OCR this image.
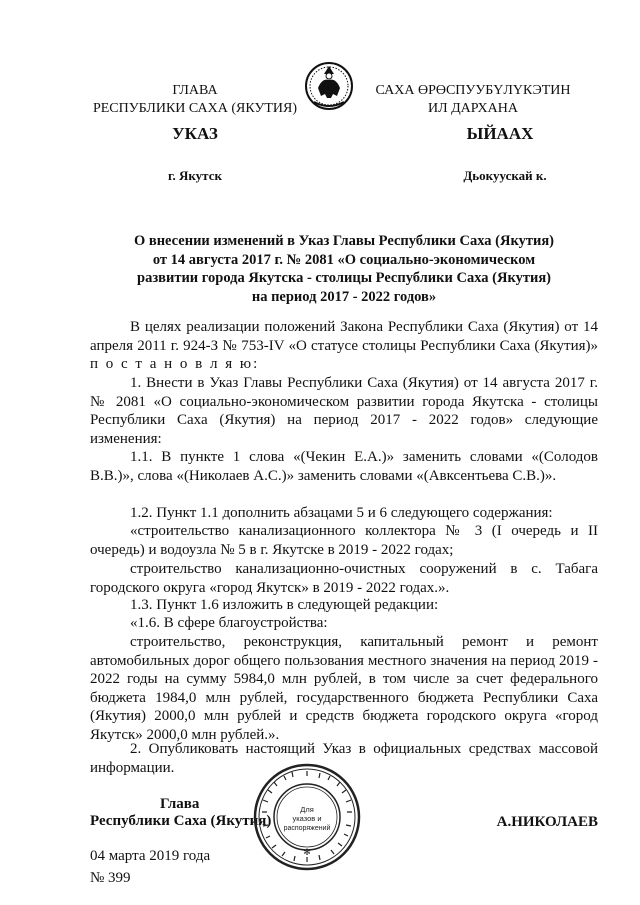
ГЛАВА
РЕСПУБЛИКИ САХА (ЯКУТИЯ)
САХА ӨРӨСПУУБҮЛҮКЭТИН
ИЛ ДАРХАНА
УКАЗ	ЫЙААХ
г. Якутск	Дьокуускай к.
О внесении изменений в Указ Главы Республики Саха (Якутия)
от 14 августа 2017 г. № 2081 «О социально-экономическом
развитии города Якутска - столицы Республики Саха (Якутия)
на период 2017 - 2022 годов»

В целях реализации положений Закона Республики Саха (Якутия) от 14 апреля 2011 г. 924-З № 753-IV «О статусе столицы Республики Саха (Якутия)» п о с т а н о в л я ю:

1. Внести в Указ Главы Республики Саха (Якутия) от 14 августа 2017 г. № 2081 «О социально-экономическом развитии города Якутска - столицы Республики Саха (Якутия) на период 2017 - 2022 годов» следующие изменения:

1.1. В пункте 1 слова «(Чекин Е.А.)» заменить словами «(Солодов В.В.)», слова «(Николаев А.С.)» заменить словами «(Авксентьева С.В.)».

1.2. Пункт 1.1 дополнить абзацами 5 и 6 следующего содержания:

«строительство канализационного коллектора № 3 (I очередь и II очередь) и водоузла № 5 в г. Якутске в 2019 - 2022 годах;

строительство канализационно-очистных сооружений в с. Табага городского округа «город Якутск» в 2019 - 2022 годах.».

1.3. Пункт 1.6 изложить в следующей редакции:

«1.6. В сфере благоустройства:

строительство, реконструкция, капитальный ремонт и ремонт автомобильных дорог общего пользования местного значения на период 2019 - 2022 годы на сумму 5984,0 млн рублей, в том числе за счет федерального бюджета 1984,0 млн рублей, государственного бюджета Республики Саха (Якутия) 2000,0 млн рублей и средств бюджета городского округа «город Якутск» 2000,0 млн рублей.».

2. Опубликовать настоящий Указ в официальных средствах массовой информации.

Глава
Республики Саха (Якутия)
Для
указов и
распоряжений
✻
А.НИКОЛАЕВ
04 марта 2019 года
№ 399
